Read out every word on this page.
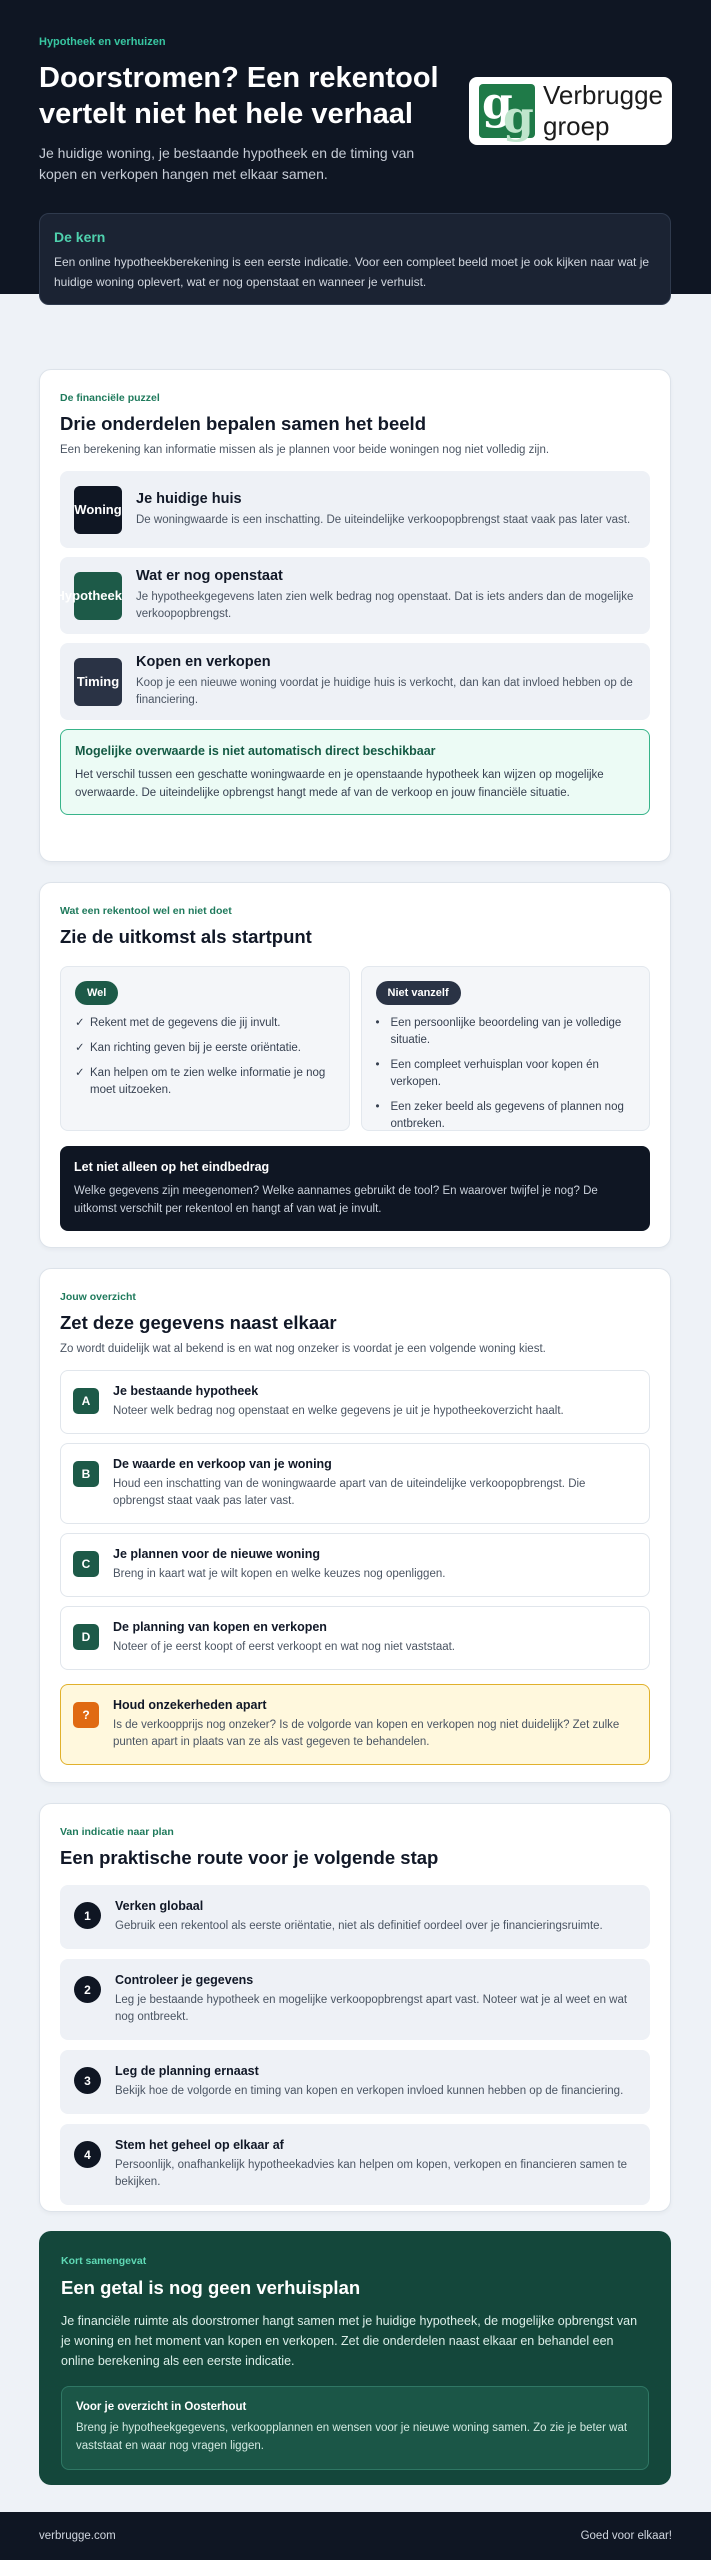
Hypotheek en verhuizen
Doorstromen? Een rekentool vertelt niet het hele verhaal

Je huidige woning, je bestaande hypotheek en de timing van kopen en verkopen hangen met elkaar samen.

g
g Verbrugge
groep
De kern

Een online hypotheekberekening is een eerste indicatie. Voor een compleet beeld moet je ook kijken naar wat je huidige woning oplevert, wat er nog openstaat en wanneer je verhuist.

De financiële puzzel
Drie onderdelen bepalen samen het beeld

Een berekening kan informatie missen als je plannen voor beide woningen nog niet volledig zijn.

Woning
Je huidige huis

De woningwaarde is een inschatting. De uiteindelijke verkoopopbrengst staat vaak pas later vast.

Hypotheek
Wat er nog openstaat

Je hypotheekgegevens laten zien welk bedrag nog openstaat. Dat is iets anders dan de mogelijke verkoopopbrengst.

Timing
Kopen en verkopen

Koop je een nieuwe woning voordat je huidige huis is verkocht, dan kan dat invloed hebben op de financiering.

Mogelijke overwaarde is niet automatisch direct beschikbaar

Het verschil tussen een geschatte woningwaarde en je openstaande hypotheek kan wijzen op mogelijke overwaarde. De uiteindelijke opbrengst hangt mede af van de verkoop en jouw financiële situatie.

Wat een rekentool wel en niet doet
Zie de uitkomst als startpunt
Wel
✓ Rekent met de gegevens die jij invult.
✓ Kan richting geven bij je eerste oriëntatie.
✓ Kan helpen om te zien welke informatie je nog moet uitzoeken.
Niet vanzelf
• Een persoonlijke beoordeling van je volledige situatie.
• Een compleet verhuisplan voor kopen én verkopen.
• Een zeker beeld als gegevens of plannen nog ontbreken.
Let niet alleen op het eindbedrag

Welke gegevens zijn meegenomen? Welke aannames gebruikt de tool? En waarover twijfel je nog? De uitkomst verschilt per rekentool en hangt af van wat je invult.

Jouw overzicht
Zet deze gegevens naast elkaar

Zo wordt duidelijk wat al bekend is en wat nog onzeker is voordat je een volgende woning kiest.

A
Je bestaande hypotheek

Noteer welk bedrag nog openstaat en welke gegevens je uit je hypotheekoverzicht haalt.

B
De waarde en verkoop van je woning

Houd een inschatting van de woningwaarde apart van de uiteindelijke verkoopopbrengst. Die opbrengst staat vaak pas later vast.

C
Je plannen voor de nieuwe woning

Breng in kaart wat je wilt kopen en welke keuzes nog openliggen.

D
De planning van kopen en verkopen

Noteer of je eerst koopt of eerst verkoopt en wat nog niet vaststaat.

?
Houd onzekerheden apart

Is de verkoopprijs nog onzeker? Is de volgorde van kopen en verkopen nog niet duidelijk? Zet zulke punten apart in plaats van ze als vast gegeven te behandelen.

Van indicatie naar plan
Een praktische route voor je volgende stap
1
Verken globaal

Gebruik een rekentool als eerste oriëntatie, niet als definitief oordeel over je financieringsruimte.

2
Controleer je gegevens

Leg je bestaande hypotheek en mogelijke verkoopopbrengst apart vast. Noteer wat je al weet en wat nog ontbreekt.

3
Leg de planning ernaast

Bekijk hoe de volgorde en timing van kopen en verkopen invloed kunnen hebben op de financiering.

4
Stem het geheel op elkaar af

Persoonlijk, onafhankelijk hypotheekadvies kan helpen om kopen, verkopen en financieren samen te bekijken.

Kort samengevat
Een getal is nog geen verhuisplan

Je financiële ruimte als doorstromer hangt samen met je huidige hypotheek, de mogelijke opbrengst van je woning en het moment van kopen en verkopen. Zet die onderdelen naast elkaar en behandel een online berekening als een eerste indicatie.

Voor je overzicht in Oosterhout

Breng je hypotheekgegevens, verkoopplannen en wensen voor je nieuwe woning samen. Zo zie je beter wat vaststaat en waar nog vragen liggen.

verbrugge.com	Goed voor elkaar!
